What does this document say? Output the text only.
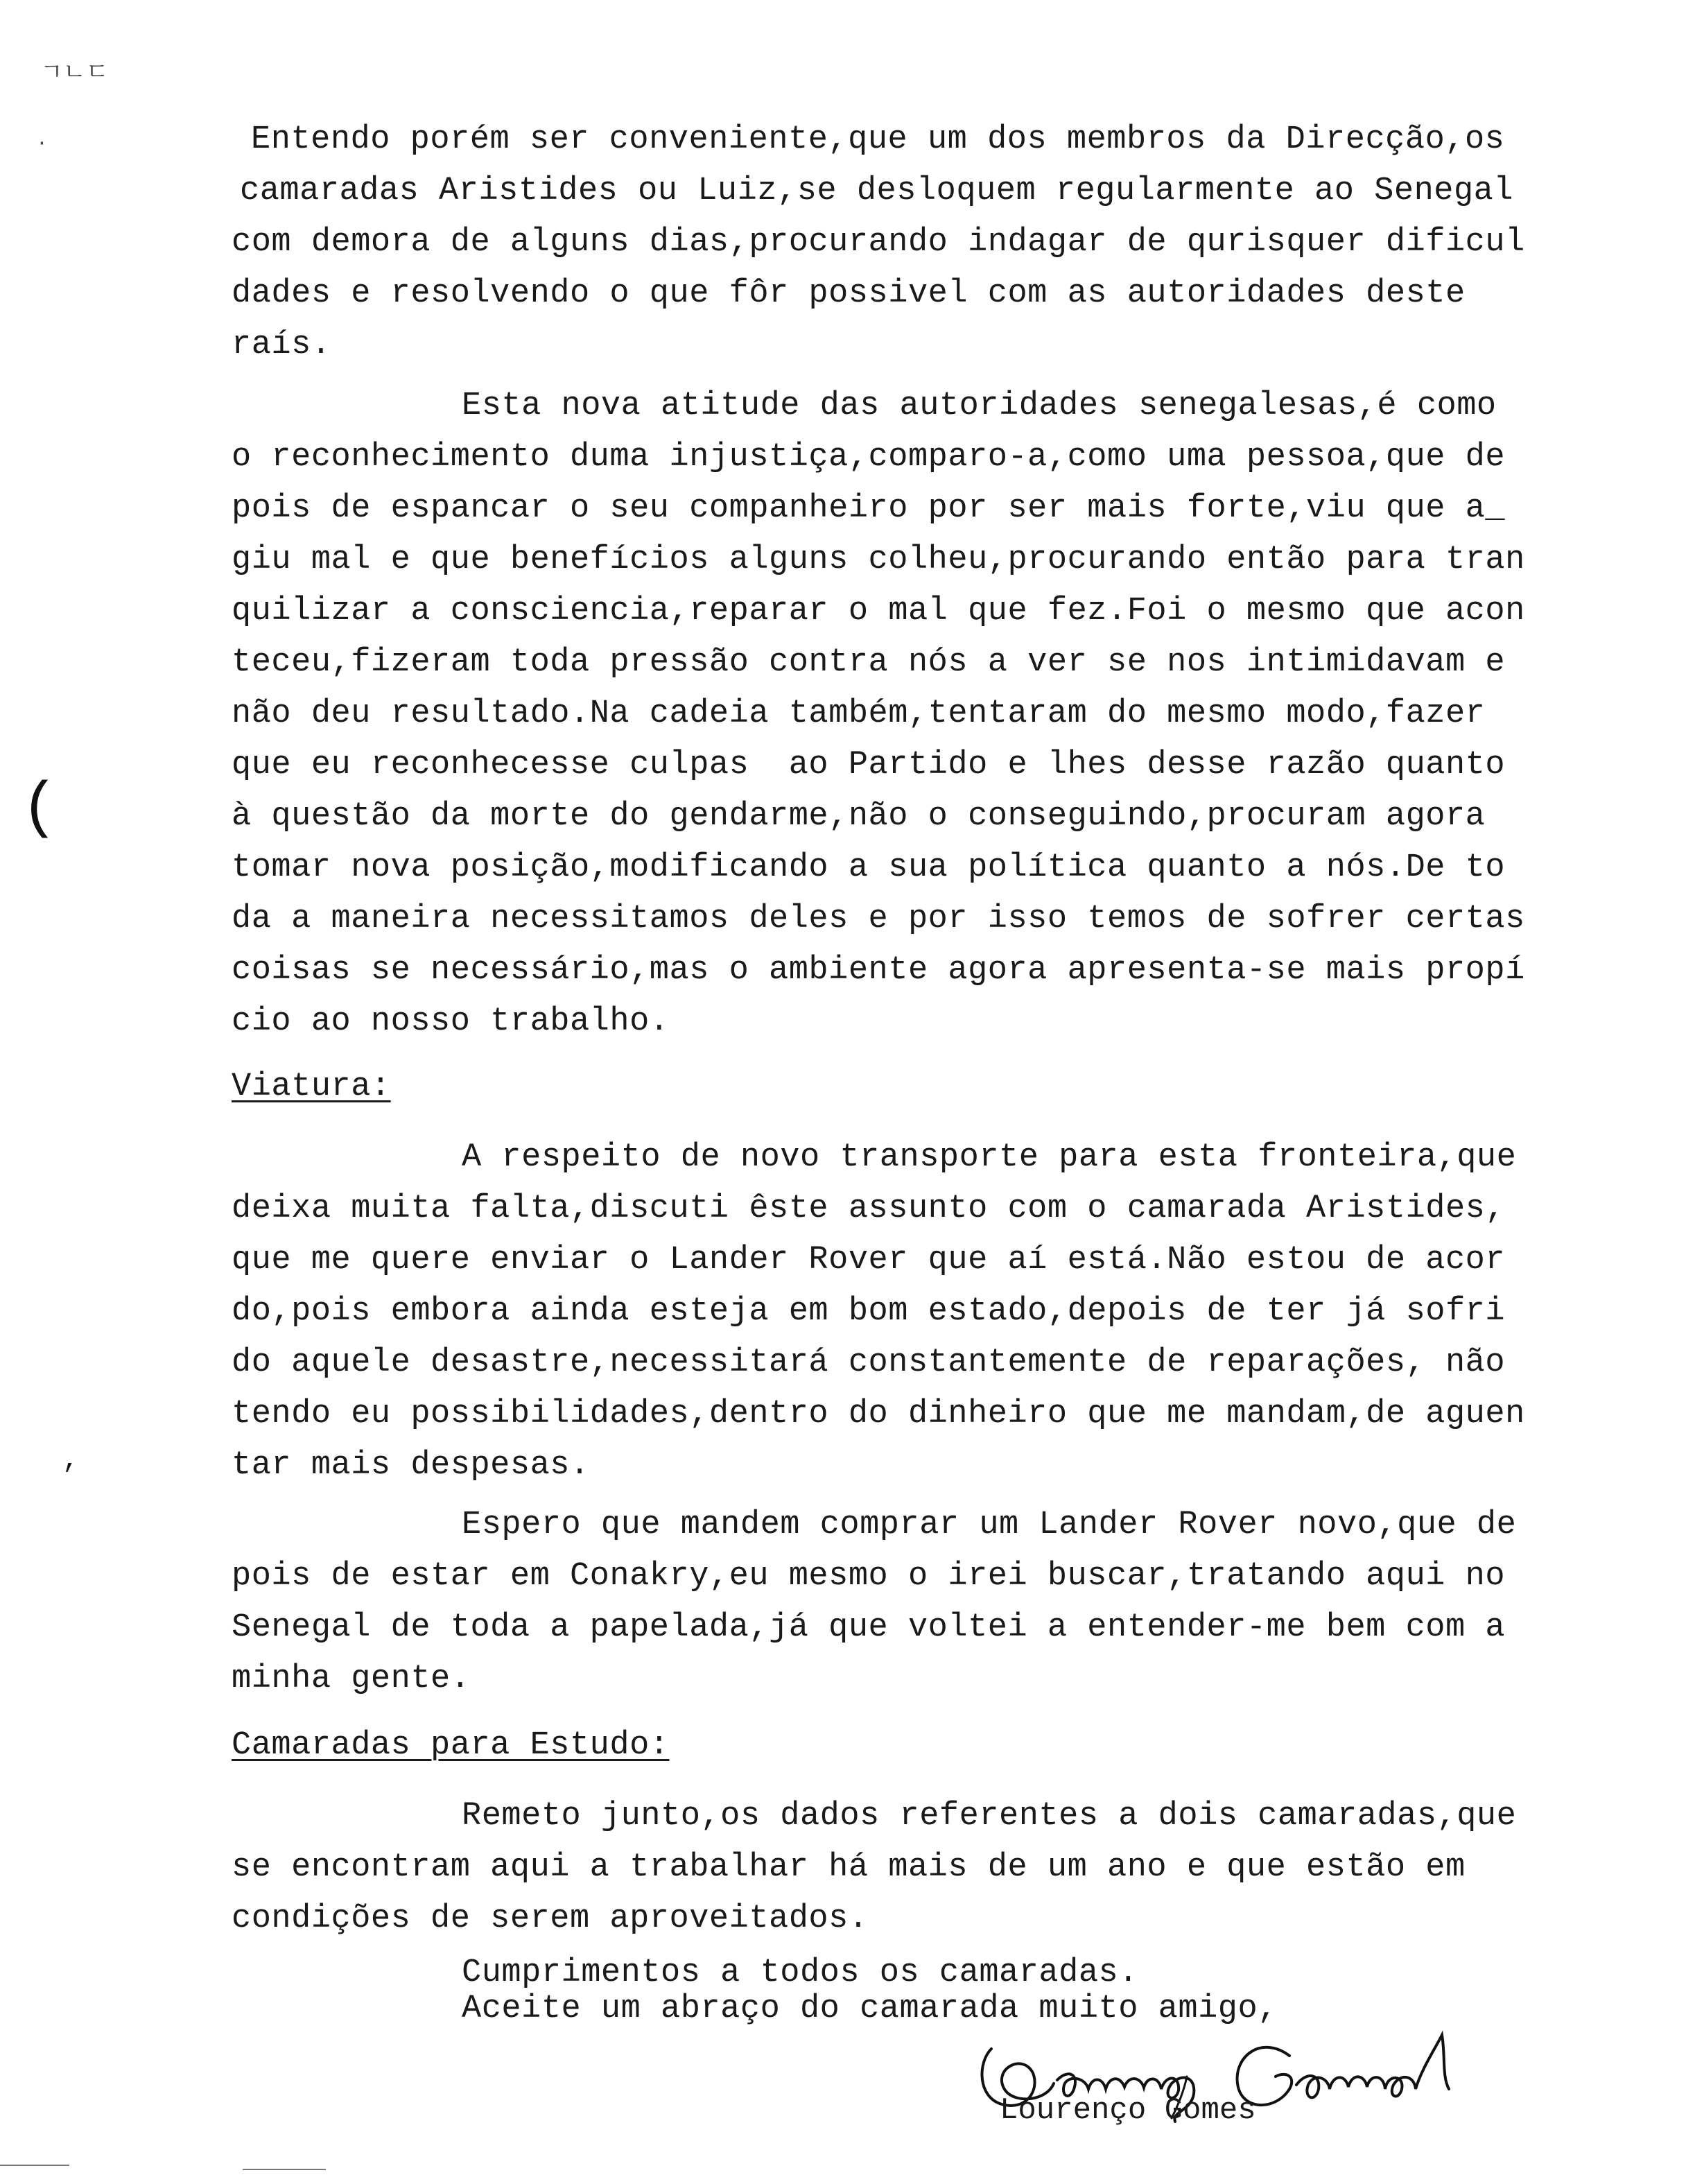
ㄱㄴㄷ
·
(
,
Entendo porém ser conveniente,que um dos membros da Direcção,os
camaradas Aristides ou Luiz,se desloquem regularmente ao Senegal
com demora de alguns dias,procurando indagar de qurisquer dificul
dades e resolvendo o que fôr possivel com as autoridades deste
raís.
Esta nova atitude das autoridades senegalesas,é como
o reconhecimento duma injustiça,comparo-a,como uma pessoa,que de
pois de espancar o seu companheiro por ser mais forte,viu que a_
giu mal e que benefícios alguns colheu,procurando então para tran
quilizar a consciencia,reparar o mal que fez.Foi o mesmo que acon
teceu,fizeram toda pressão contra nós a ver se nos intimidavam e
não deu resultado.Na cadeia também,tentaram do mesmo modo,fazer
que eu reconhecesse culpas  ao Partido e lhes desse razão quanto
à questão da morte do gendarme,não o conseguindo,procuram agora
tomar nova posição,modificando a sua política quanto a nós.De to
da a maneira necessitamos deles e por isso temos de sofrer certas
coisas se necessário,mas o ambiente agora apresenta-se mais propí
cio ao nosso trabalho.
Viatura:
A respeito de novo transporte para esta fronteira,que
deixa muita falta,discuti êste assunto com o camarada Aristides,
que me quere enviar o Lander Rover que aí está.Não estou de acor
do,pois embora ainda esteja em bom estado,depois de ter já sofri
do aquele desastre,necessitará constantemente de reparações, não
tendo eu possibilidades,dentro do dinheiro que me mandam,de aguen
tar mais despesas.
Espero que mandem comprar um Lander Rover novo,que de
pois de estar em Conakry,eu mesmo o irei buscar,tratando aqui no
Senegal de toda a papelada,já que voltei a entender-me bem com a
minha gente.
Camaradas para Estudo:
Remeto junto,os dados referentes a dois camaradas,que
se encontram aqui a trabalhar há mais de um ano e que estão em
condições de serem aproveitados.
Cumprimentos a todos os camaradas.
Aceite um abraço do camarada muito amigo,
Lourenço Gomes
